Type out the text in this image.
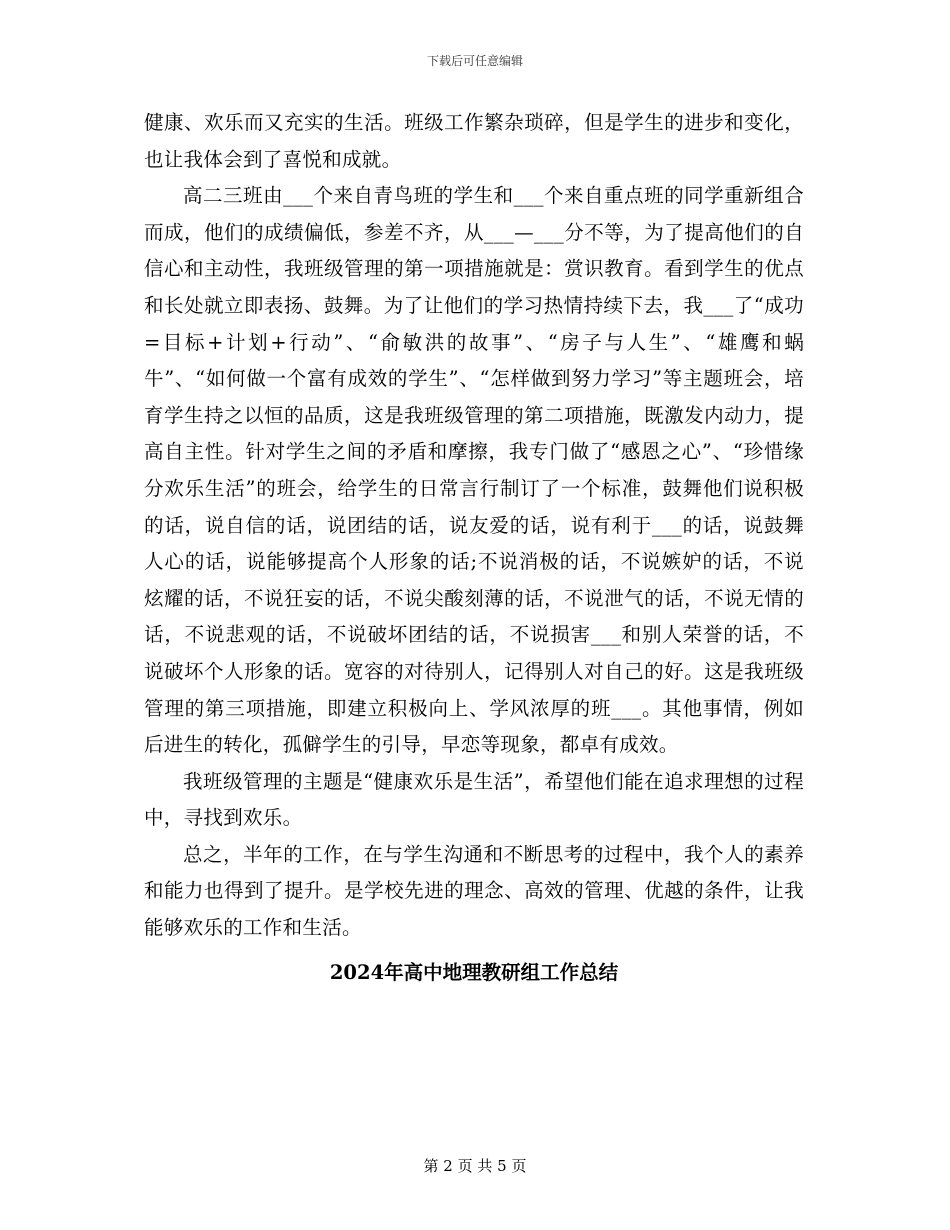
下载后可任意编辑

健康、欢乐而又充实的生活。班级工作繁杂琐碎，但是学生的进步和变化，也让我体会到了喜悦和成就。

高二三班由___个来自青鸟班的学生和___个来自重点班的同学重新组合而成，他们的成绩偏低，参差不齐，从___—___分不等，为了提高他们的自信心和主动性，我班级管理的第一项措施就是：赏识教育。看到学生的优点和长处就立即表扬、鼓舞。为了让他们的学习热情持续下去，我___了“成功=目标+计划+行动”、“俞敏洪的故事”、“房子与人生”、“雄鹰和蜗牛”、“如何做一个富有成效的学生”、“怎样做到努力学习”等主题班会，培育学生持之以恒的品质，这是我班级管理的第二项措施，既激发内动力，提高自主性。针对学生之间的矛盾和摩擦，我专门做了“感恩之心”、“珍惜缘分欢乐生活”的班会，给学生的日常言行制订了一个标准，鼓舞他们说积极的话，说自信的话，说团结的话，说友爱的话，说有利于___的话，说鼓舞人心的话，说能够提高个人形象的话;不说消极的话，不说嫉妒的话，不说炫耀的话，不说狂妄的话，不说尖酸刻薄的话，不说泄气的话，不说无情的话，不说悲观的话，不说破坏团结的话，不说损害___和别人荣誉的话，不说破坏个人形象的话。宽容的对待别人，记得别人对自己的好。这是我班级管理的第三项措施，即建立积极向上、学风浓厚的班___。其他事情，例如后进生的转化，孤僻学生的引导，早恋等现象，都卓有成效。

我班级管理的主题是“健康欢乐是生活”，希望他们能在追求理想的过程中，寻找到欢乐。

总之，半年的工作，在与学生沟通和不断思考的过程中，我个人的素养和能力也得到了提升。是学校先进的理念、高效的管理、优越的条件，让我能够欢乐的工作和生活。

2024年高中地理教研组工作总结
第 2 页 共 5 页
